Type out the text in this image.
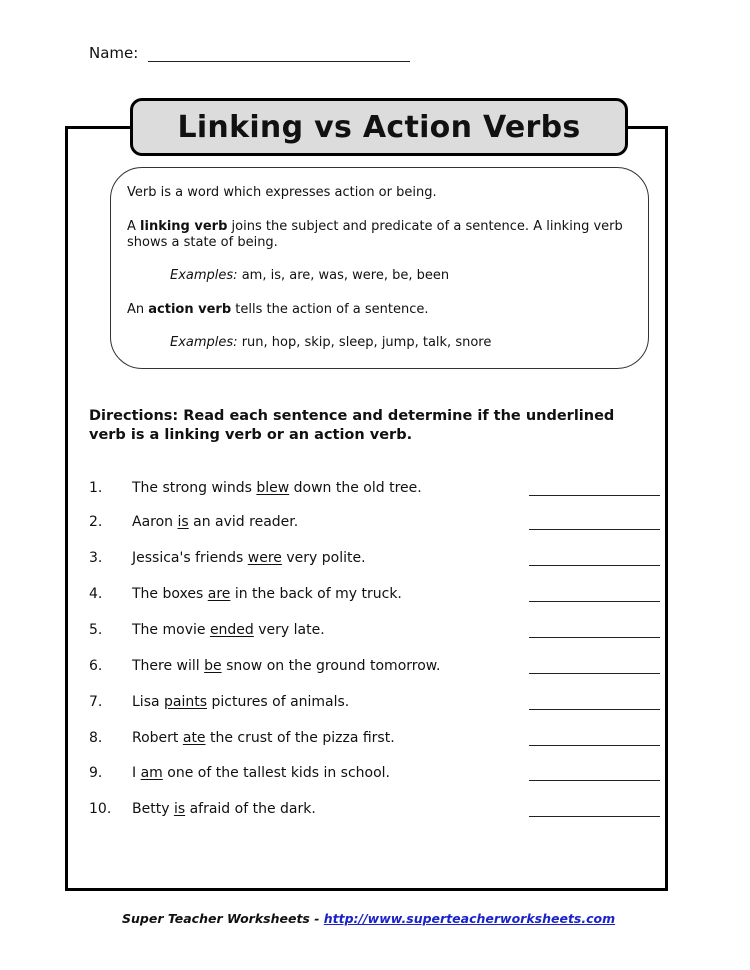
Name:
Linking vs Action Verbs

Verb is a word which expresses action or being.

A linking verb joins the subject and predicate of a sentence. A linking verb shows a state of being.

Examples: am, is, are, was, were, be, been

An action verb tells the action of a sentence.

Examples: run, hop, skip, sleep, jump, talk, snore

Directions: Read each sentence and determine if the underlined verb is a linking verb or an action verb.
1. The strong winds blew down the old tree.
2. Aaron is an avid reader.
3. Jessica's friends were very polite.
4. The boxes are in the back of my truck.
5. The movie ended very late.
6. There will be snow on the ground tomorrow.
7. Lisa paints pictures of animals.
8. Robert ate the crust of the pizza first.
9. I am one of the tallest kids in school.
10. Betty is afraid of the dark.
Super Teacher Worksheets - http://www.superteacherworksheets.com
